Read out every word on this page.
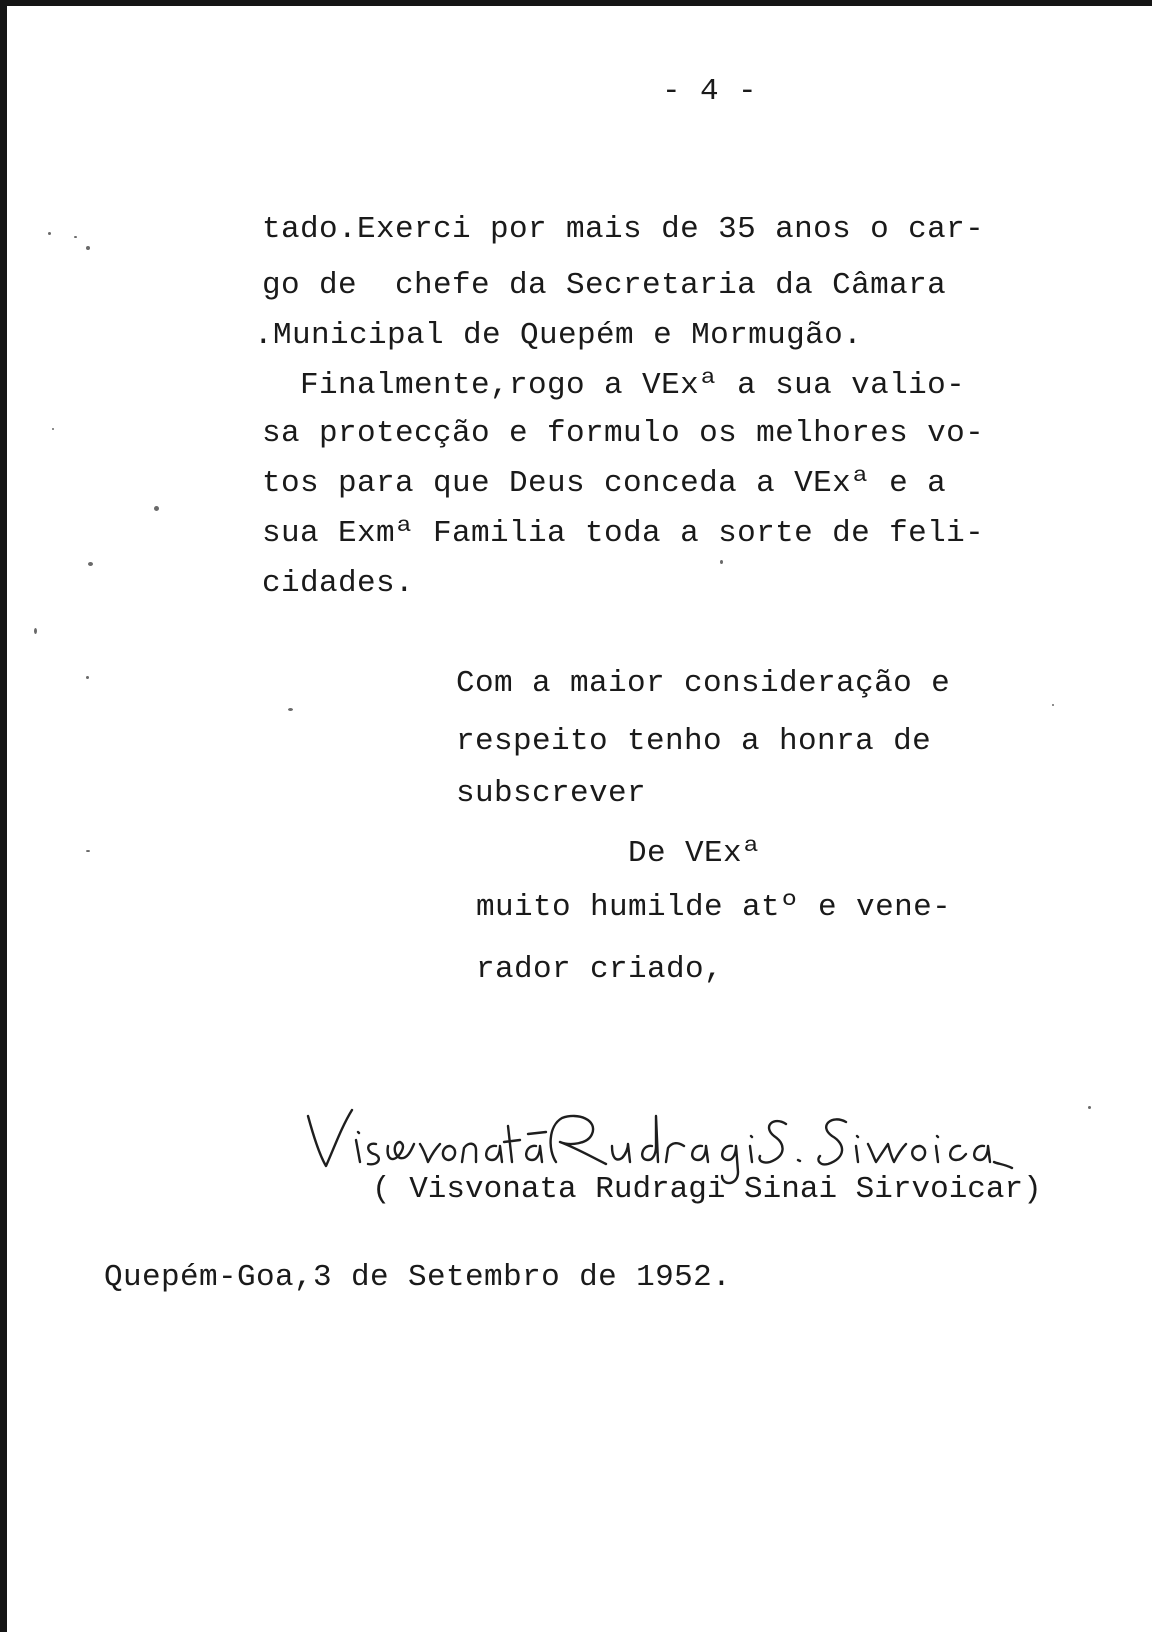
- 4 -
tado.Exerci por mais de 35 anos o car-
go de  chefe da Secretaria da Câmara
.Municipal de Quepém e Mormugão.
Finalmente,rogo a VExª a sua valio-
sa protecção e formulo os melhores vo-
tos para que Deus conceda a VExª e a
sua Exmª Familia toda a sorte de feli-
cidades.
Com a maior consideração e
respeito tenho a honra de
subscrever
De VExª
muito humilde atº e vene-
rador criado,
( Visvonata Rudragi Sinai Sirvoicar)
Quepém-Goa,3 de Setembro de 1952.
